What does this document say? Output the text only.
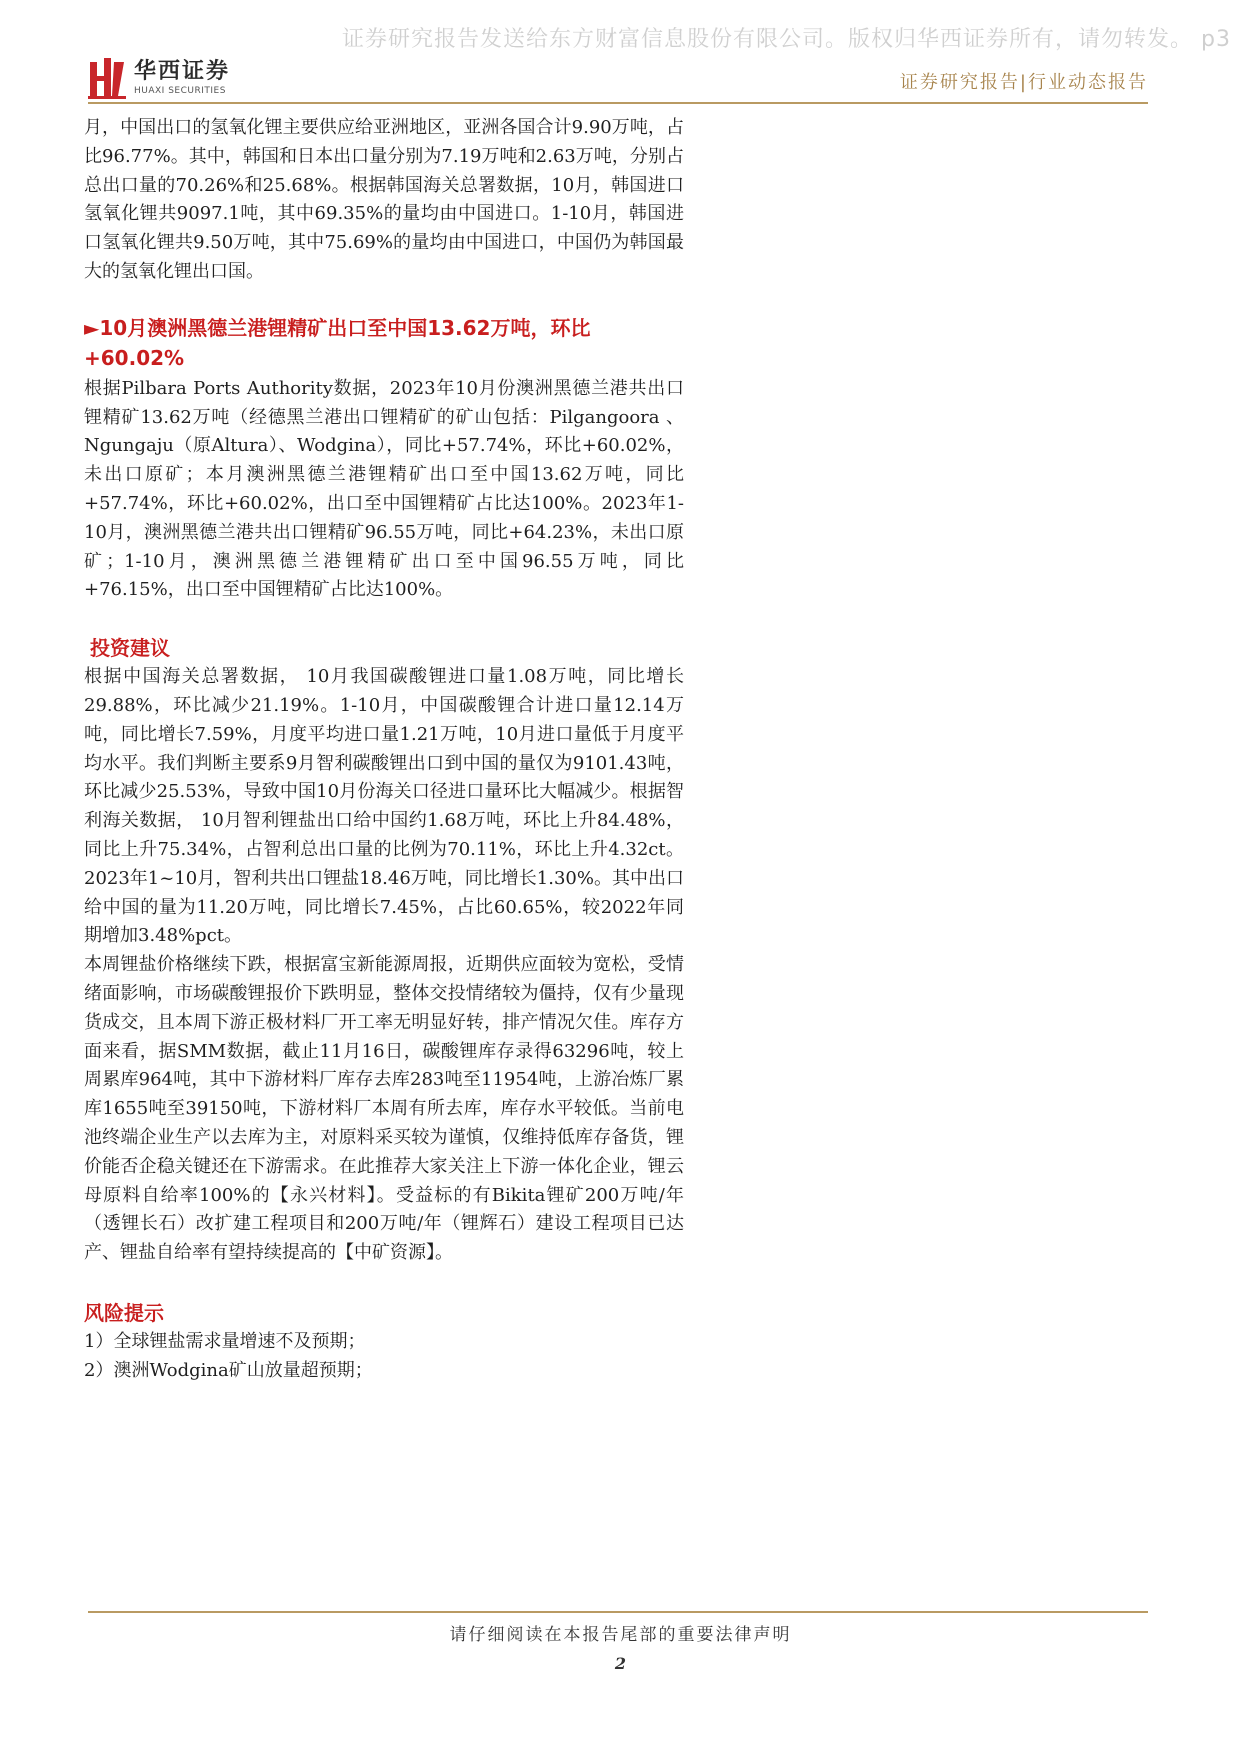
证券研究报告发送给东方财富信息股份有限公司。版权归华西证券所有，请勿转发。 p3
华西证券
HUAXI SECURITIES	证券研究报告|行业动态报告

月，中国出口的氢氧化锂主要供应给亚洲地区，亚洲各国合计9.90万吨，占比96.77%。其中，韩国和日本出口量分别为7.19万吨和2.63万吨，分别占总出口量的70.26%和25.68%。根据韩国海关总署数据，10月，韩国进口氢氧化锂共9097.1吨，其中69.35%的量均由中国进口。1-10月，韩国进口氢氧化锂共9.50万吨，其中75.69%的量均由中国进口，中国仍为韩国最大的氢氧化锂出口国。

►10月澳洲黑德兰港锂精矿出口至中国13.62万吨，环比+60.02%

根据Pilbara Ports Authority数据，2023年10月份澳洲黑德兰港共出口锂精矿13.62万吨（经德黑兰港出口锂精矿的矿山包括：Pilgangoora 、Ngungaju（原Altura）、Wodgina），同比+57.74%，环比+60.02%，未出口原矿；本月澳洲黑德兰港锂精矿出口至中国13.62万吨，同比+57.74%，环比+60.02%，出口至中国锂精矿占比达100%。2023年1-10月，澳洲黑德兰港共出口锂精矿96.55万吨，同比+64.23%，未出口原矿；1-10月，澳洲黑德兰港锂精矿出口至中国96.55万吨，同比+76.15%，出口至中国锂精矿占比达100%。

投资建议

根据中国海关总署数据， 10月我国碳酸锂进口量1.08万吨，同比增长29.88%，环比减少21.19%。1-10月，中国碳酸锂合计进口量12.14万吨，同比增长7.59%，月度平均进口量1.21万吨，10月进口量低于月度平均水平。我们判断主要系9月智利碳酸锂出口到中国的量仅为9101.43吨，环比减少25.53%，导致中国10月份海关口径进口量环比大幅减少。根据智利海关数据， 10月智利锂盐出口给中国约1.68万吨，环比上升84.48%，同比上升75.34%，占智利总出口量的比例为70.11%，环比上升4.32ct。2023年1~10月，智利共出口锂盐18.46万吨，同比增长1.30%。其中出口给中国的量为11.20万吨，同比增长7.45%，占比60.65%，较2022年同期增加3.48%pct。

本周锂盐价格继续下跌，根据富宝新能源周报，近期供应面较为宽松，受情绪面影响，市场碳酸锂报价下跌明显，整体交投情绪较为僵持，仅有少量现货成交，且本周下游正极材料厂开工率无明显好转，排产情况欠佳。库存方面来看，据SMM数据，截止11月16日，碳酸锂库存录得63296吨，较上周累库964吨，其中下游材料厂库存去库283吨至11954吨，上游冶炼厂累库1655吨至39150吨，下游材料厂本周有所去库，库存水平较低。当前电池终端企业生产以去库为主，对原料采买较为谨慎，仅维持低库存备货，锂价能否企稳关键还在下游需求。在此推荐大家关注上下游一体化企业，锂云母原料自给率100%的【永兴材料】。受益标的有Bikita锂矿200万吨/年（透锂长石）改扩建工程项目和200万吨/年（锂辉石）建设工程项目已达产、锂盐自给率有望持续提高的【中矿资源】。

风险提示

1）全球锂盐需求量增速不及预期；

2）澳洲Wodgina矿山放量超预期；

请仔细阅读在本报告尾部的重要法律声明
2
